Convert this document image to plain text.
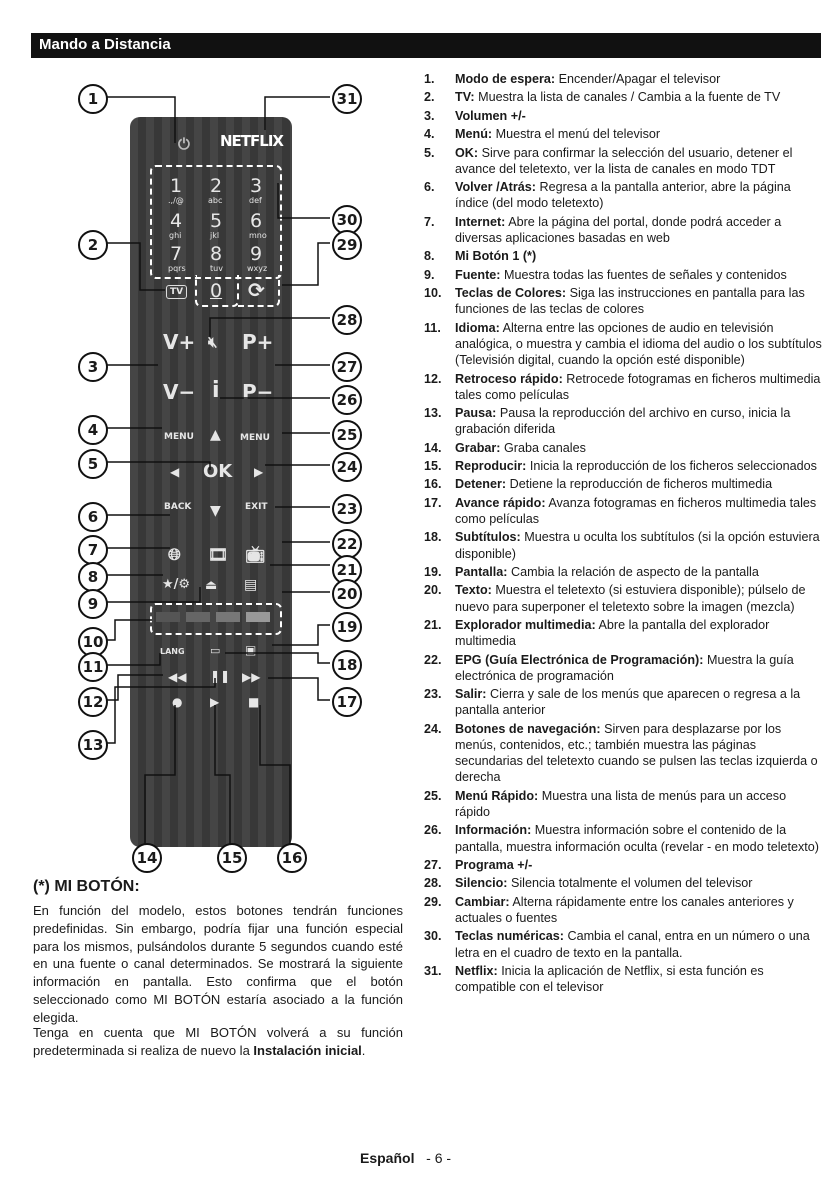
Mando a Distancia
⏻ NETFLIX
1 2 3
.,/@	abc	def
4 5 6
ghi	jkl	mno
7 8 9
pqrs	tuv	wxyz
0 ⟳
TV
V+ 🔇︎ P+
V− i P−
MENU ▲ MENU
◀ OK ▶
BACK ▼	EXIT
🌐︎ 🎞︎ 📺︎
★/⚙ ⏏ ▤
LANG ▭ ▣
◀◀ ❚❚ ▶▶
● ▶ ■
1	31
30
2	29
28
3	27
26
4	25
5	24
6	23
7	22
8	21
9
20
19
10
11	18
12	17
13
14	15	16
1. Modo de espera: Encender/Apagar el televisor
2. TV: Muestra la lista de canales / Cambia a la fuente de TV
3. Volumen +/-
4. Menú: Muestra el menú del televisor
5. OK: Sirve para confirmar la selección del usuario, detener el avance del teletexto, ver la lista de canales en modo TDT
6. Volver /Atrás: Regresa a la pantalla anterior, abre la página índice (del modo teletexto)
7. Internet: Abre la página del portal, donde podrá acceder a diversas aplicaciones basadas en web
8. Mi Botón 1 (*)
9. Fuente: Muestra todas las fuentes de señales y contenidos
10. Teclas de Colores: Siga las instrucciones en pantalla para las funciones de las teclas de colores
11. Idioma: Alterna entre las opciones de audio en televisión analógica, o muestra y cambia el idioma del audio o los subtítulos (Televisión digital, cuando la opción esté disponible)
12. Retroceso rápido: Retrocede fotogramas en ficheros multimedia tales como películas
13. Pausa: Pausa la reproducción del archivo en curso, inicia la grabación diferida
14. Grabar: Graba canales
15. Reproducir: Inicia la reproducción de los ficheros seleccionados
16. Detener: Detiene la reproducción de ficheros multimedia
17. Avance rápido: Avanza fotogramas en ficheros multimedia tales como películas
18. Subtítulos: Muestra u oculta los subtítulos (si la opción estuviera disponible)
19. Pantalla: Cambia la relación de aspecto de la pantalla
20. Texto: Muestra el teletexto (si estuviera disponible); púlselo de nuevo para superponer el teletexto sobre la imagen (mezcla)
21. Explorador multimedia: Abre la pantalla del explorador multimedia
22. EPG (Guía Electrónica de Programación): Muestra la guía electrónica de programación
23. Salir: Cierra y sale de los menús que aparecen o regresa a la pantalla anterior
24. Botones de navegación: Sirven para desplazarse por los menús, contenidos, etc.; también muestra las páginas secundarias del teletexto cuando se pulsen las teclas izquierda o derecha
25. Menú Rápido: Muestra una lista de menús para un acceso rápido
26. Información: Muestra información sobre el contenido de la pantalla, muestra información oculta (revelar - en modo teletexto)
27. Programa +/-
28. Silencio: Silencia totalmente el volumen del televisor
29. Cambiar: Alterna rápidamente entre los canales anteriores y actuales o fuentes
30. Teclas numéricas: Cambia el canal, entra en un número o una letra en el cuadro de texto en la pantalla.
31. Netflix: Inicia la aplicación de Netflix, si esta función es compatible con el televisor
(*) MI BOTÓN:

En función del modelo, estos botones tendrán funciones predefinidas. Sin embargo, podría fijar una función especial para los mismos, pulsándolos durante 5 segundos cuando esté en una fuente o canal determinados. Se mostrará la siguiente información en pantalla. Esto confirma que el botón seleccionado como MI BOTÓN estaría asociado a la función elegida.

Tenga en cuenta que MI BOTÓN volverá a su función predeterminada si realiza de nuevo la Instalación inicial.

Español - 6 -
